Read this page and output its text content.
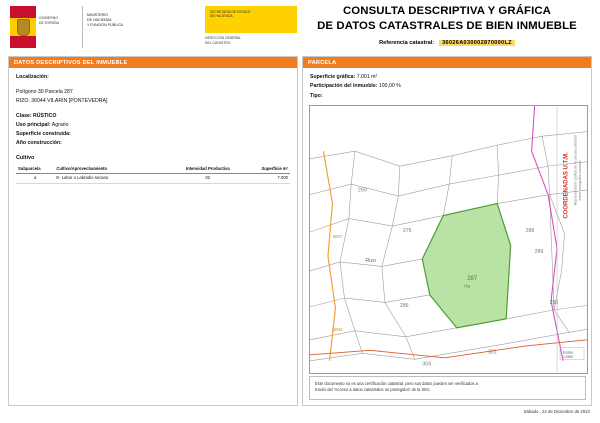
GOBIERNO
DE ESPAÑA
MINISTERIO
DE HACIENDA
Y FUNCIÓN PÚBLICA
SECRETARÍA DE ESTADO
DE HACIENDA
DIRECCIÓN GENERAL
DEL CATASTRO
CONSULTA DESCRIPTIVA Y GRÁFICA
DE DATOS CATASTRALES DE BIEN INMUEBLE
Referencia catastral: 36026A030002870000LZ
DATOS DESCRIPTIVOS DEL INMUEBLE
Localización:
Polígono 30 Parcela 287
RIZO. 36044 VILARIN [PONTEVEDRA]
Clase: RÚSTICO
Uso principal: Agrario
Superficie construida:
Año construcción:
Cultivo
Subparcela	Cultivo/Aprovechamiento	Intensidad Productiva	Superficie m²
a	E- Labor o Labradío secano	02	7.000
PARCELA
Superficie gráfica: 7.001 m²
Participación del inmueble: 100,00 %
Tipo:
287
Ha
276	288
286
289
260
295
301
304
Rizo
9007
9004
COORDENADAS U.T.M. Representación gráfica de la parcela catastral sobre cartografía catastral
Escala
1:2500
Este documento no es una certificación catastral, pero sus datos pueden ser verificados a
través del 'Acceso a datos catastrales no protegidos' de la SEC.
Sábado , 24 de Diciembre de 2022
